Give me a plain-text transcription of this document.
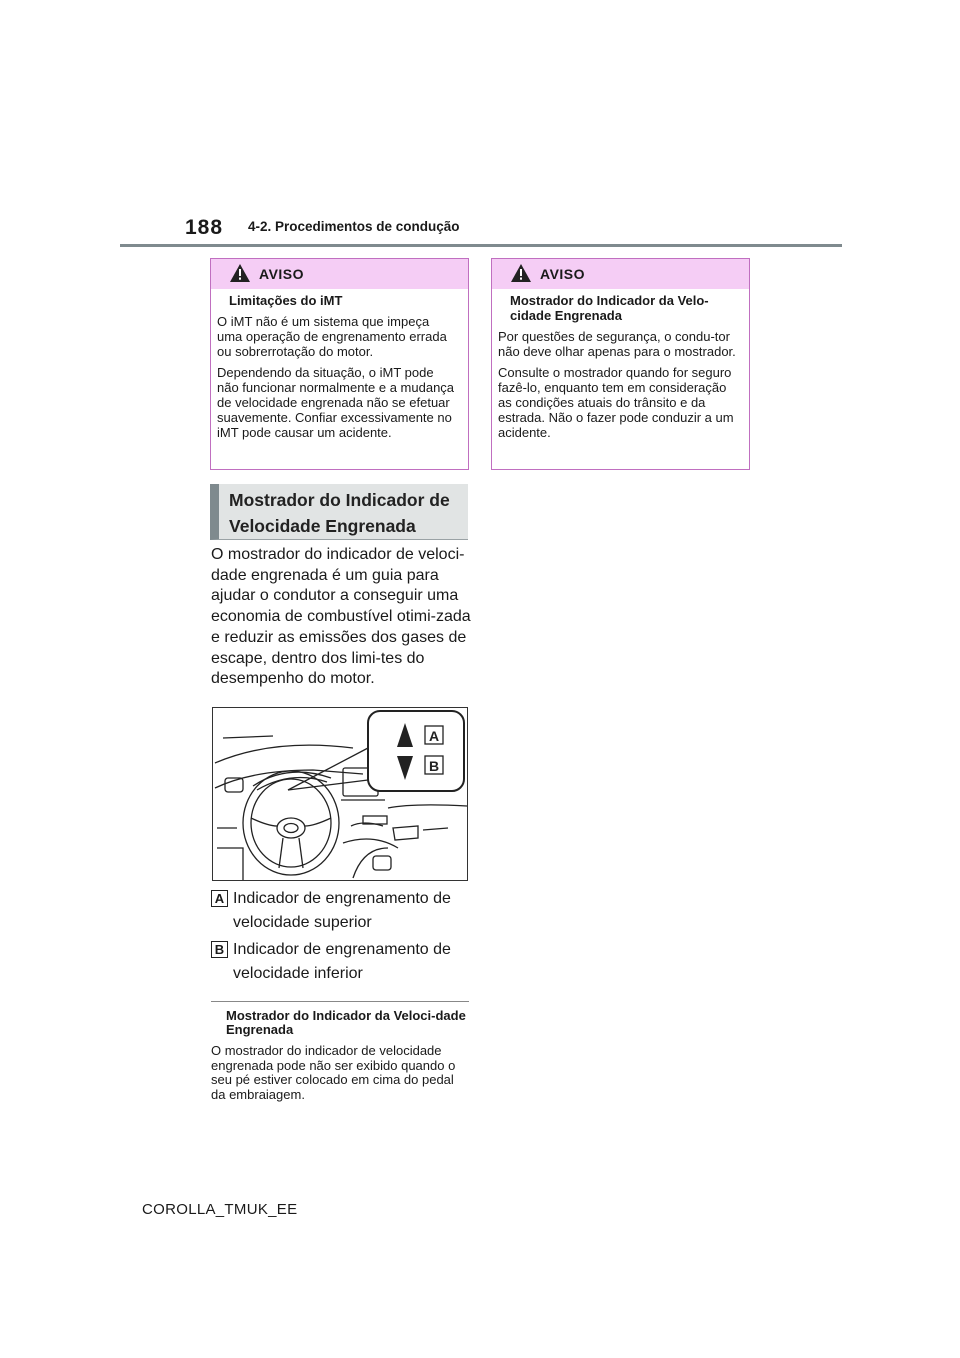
188 4-2. Procedimentos de condução
AVISO
Limitações do iMT

O iMT não é um sistema que impeça uma operação de engrenamento errada ou sobrerrotação do motor.

Dependendo da situação, o iMT pode não funcionar normalmente e a mudança de velocidade engrenada não se efetuar suavemente. Confiar excessivamente no iMT pode causar um acidente.

AVISO
Mostrador do Indicador da Velo-cidade Engrenada

Por questões de segurança, o condu-tor não deve olhar apenas para o mostrador.

Consulte o mostrador quando for seguro fazê-lo, enquanto tem em consideração as condições atuais do trânsito e da estrada. Não o fazer pode conduzir a um acidente.

Mostrador do Indicador de
Velocidade Engrenada
O mostrador do indicador de veloci-dade engrenada é um guia para ajudar o condutor a conseguir uma economia de combustível otimi-zada e reduzir as emissões dos gases de escape, dentro dos limi-tes do desempenho do motor.
A
B
A Indicador de engrenamento de
velocidade superior
B Indicador de engrenamento de
velocidade inferior
Mostrador do Indicador da Veloci-dade Engrenada
O mostrador do indicador de velocidade engrenada pode não ser exibido quando o seu pé estiver colocado em cima do pedal da embraiagem.
COROLLA_TMUK_EE
